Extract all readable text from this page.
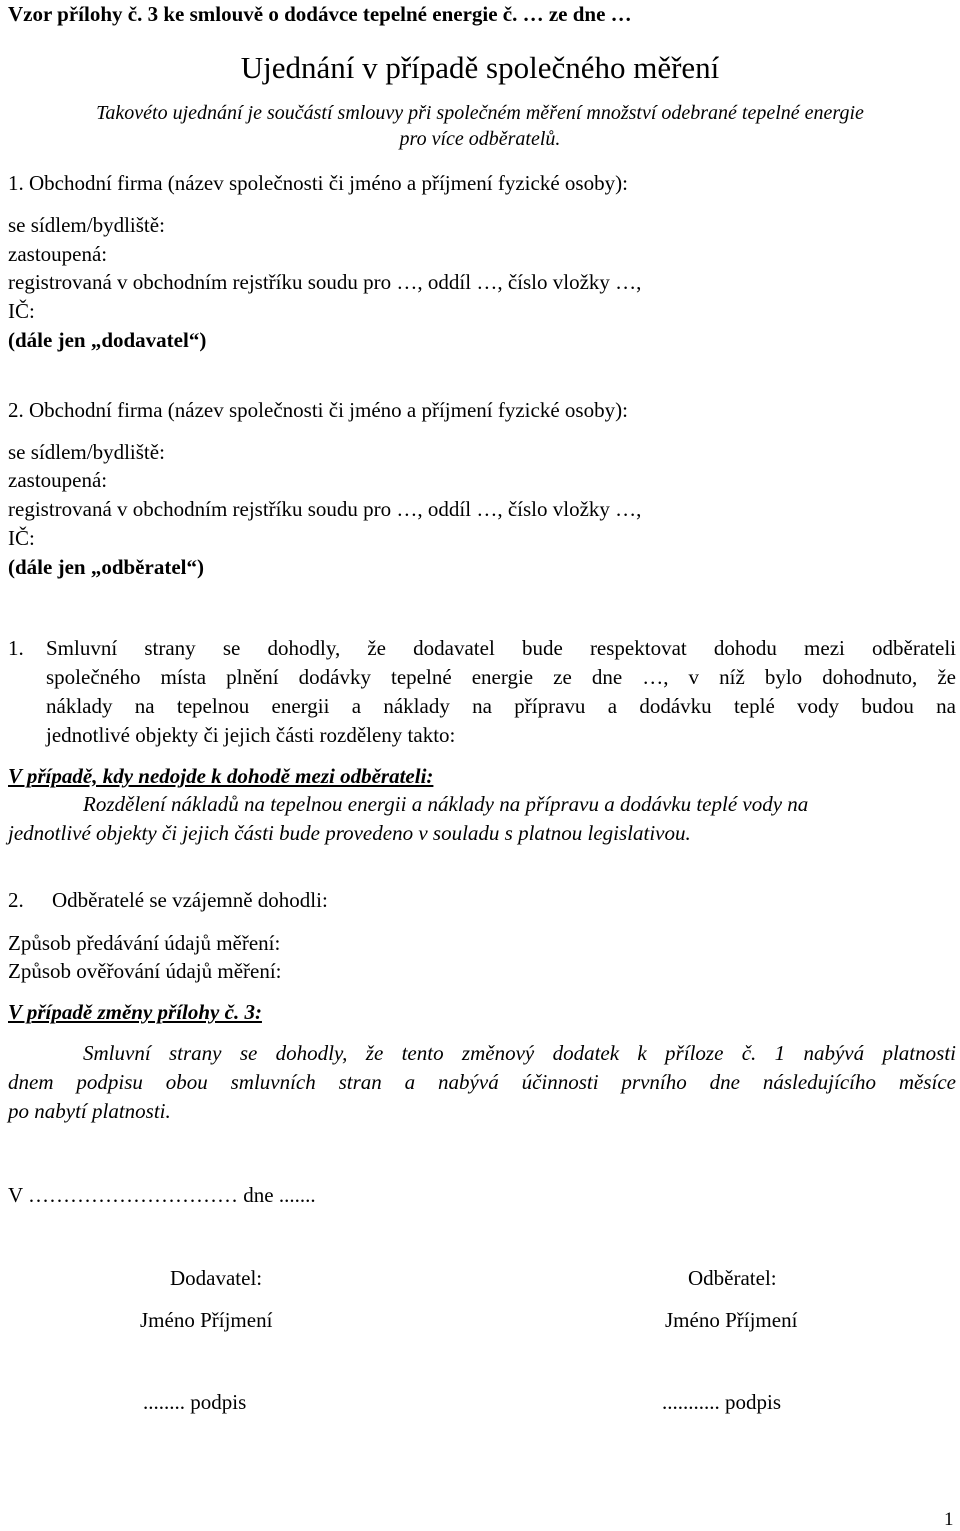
Vzor přílohy č. 3 ke smlouvě o dodávce tepelné energie č. … ze dne …
Ujednání v případě společného měření
Takovéto ujednání je součástí smlouvy při společném měření množství odebrané tepelné energie
pro více odběratelů.
1. Obchodní firma (název společnosti či jméno a příjmení fyzické osoby):
se sídlem/bydliště:
zastoupená:
registrovaná v obchodním rejstříku soudu pro …, oddíl …, číslo vložky …,
IČ:
(dále jen „dodavatel“)
2. Obchodní firma (název společnosti či jméno a příjmení fyzické osoby):
se sídlem/bydliště:
zastoupená:
registrovaná v obchodním rejstříku soudu pro …, oddíl …, číslo vložky …,
IČ:
(dále jen „odběratel“)
1. Smluvní strany se dohodly, že dodavatel bude respektovat dohodu mezi odběrateli
společného místa plnění dodávky tepelné energie ze dne …, v níž bylo dohodnuto, že
náklady na tepelnou energii a náklady na přípravu a dodávku teplé vody budou na
jednotlivé objekty či jejich části rozděleny takto:
V případě, kdy nedojde k dohodě mezi odběrateli:
Rozdělení nákladů na tepelnou energii a náklady na přípravu a dodávku teplé vody na
jednotlivé objekty či jejich části bude provedeno v souladu s platnou legislativou.
2. Odběratelé se vzájemně dohodli:
Způsob předávání údajů měření:
Způsob ověřování údajů měření:
V případě změny přílohy č. 3:
Smluvní strany se dohodly, že tento změnový dodatek k příloze č. 1 nabývá platnosti
dnem podpisu obou smluvních stran a nabývá účinnosti prvního dne následujícího měsíce
po nabytí platnosti.
V ………………………… dne .......
Dodavatel:
Jméno Příjmení
........ podpis
Odběratel:
Jméno Příjmení
........... podpis
1
